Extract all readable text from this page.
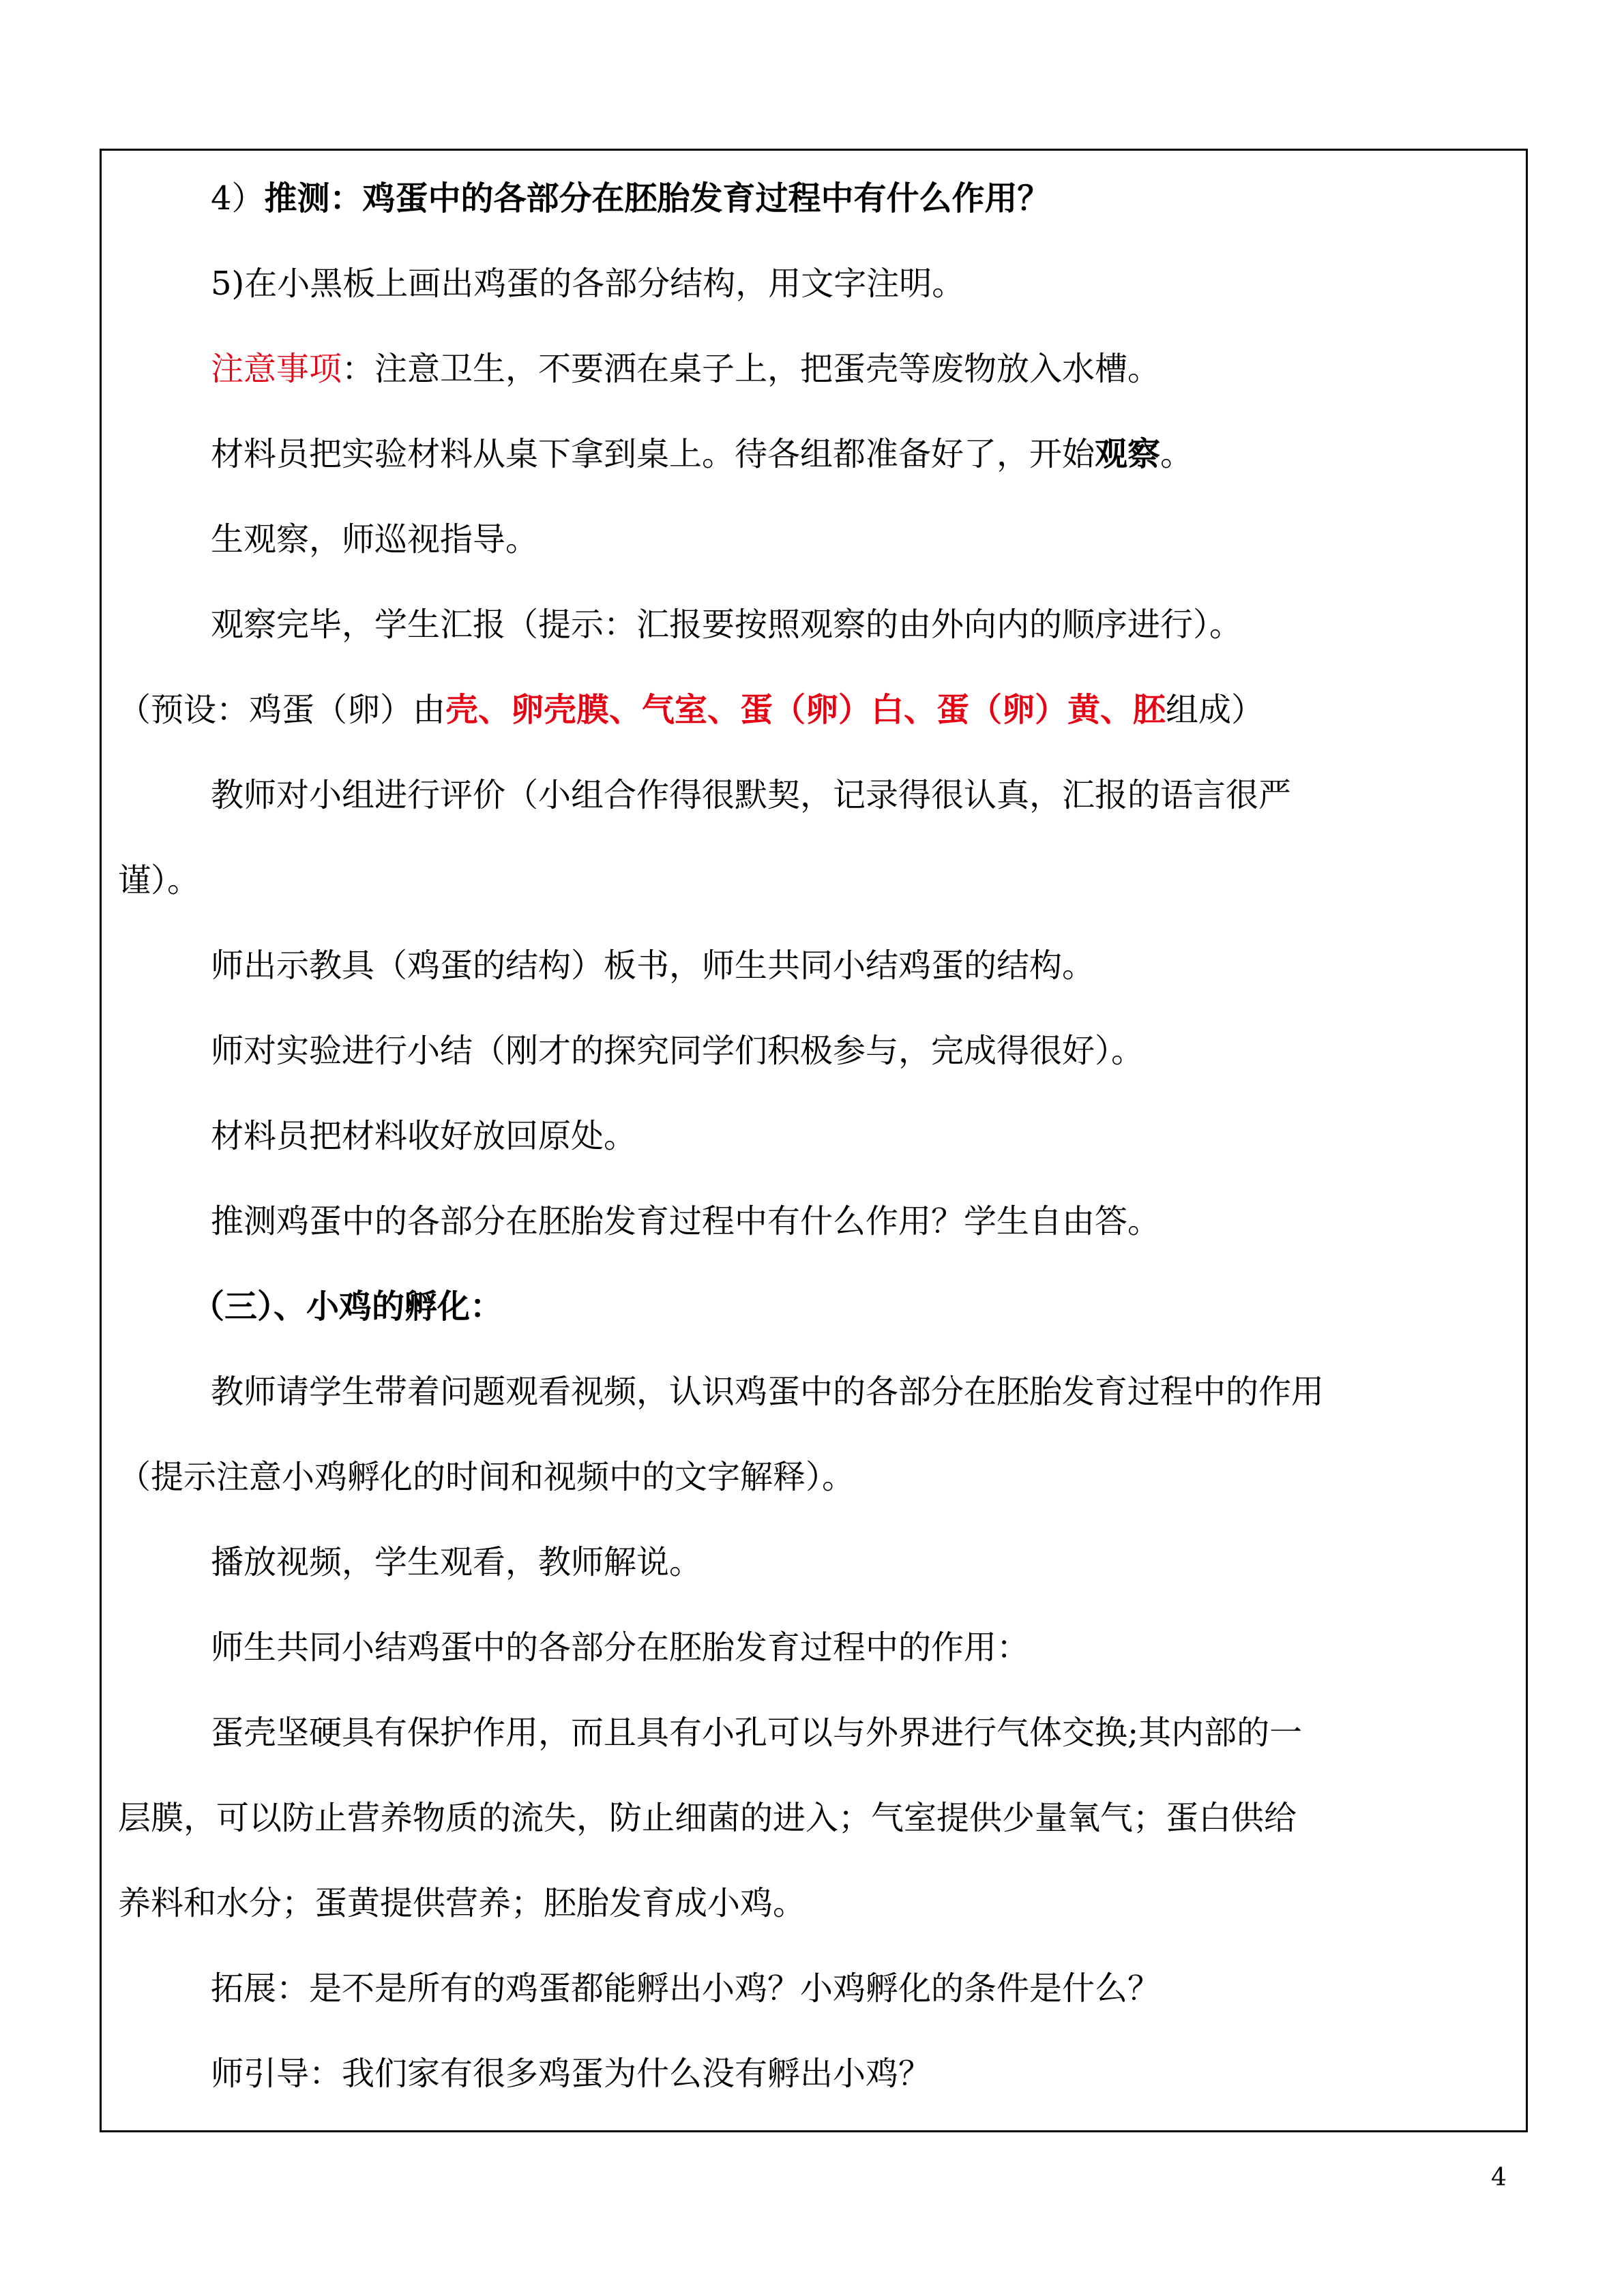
4）推测：鸡蛋中的各部分在胚胎发育过程中有什么作用？
5)在小黑板上画出鸡蛋的各部分结构，用文字注明。
注意事项：注意卫生，不要洒在桌子上，把蛋壳等废物放入水槽。
材料员把实验材料从桌下拿到桌上。待各组都准备好了，开始观察。
生观察，师巡视指导。
观察完毕，学生汇报（提示：汇报要按照观察的由外向内的顺序进行）。
（预设：鸡蛋（卵）由壳、卵壳膜、气室、蛋（卵）白、蛋（卵）黄、胚组成）
教师对小组进行评价（小组合作得很默契，记录得很认真，汇报的语言很严
谨）。
师出示教具（鸡蛋的结构）板书，师生共同小结鸡蛋的结构。
师对实验进行小结（刚才的探究同学们积极参与，完成得很好）。
材料员把材料收好放回原处。
推测鸡蛋中的各部分在胚胎发育过程中有什么作用？学生自由答。
（三）、小鸡的孵化：
教师请学生带着问题观看视频，认识鸡蛋中的各部分在胚胎发育过程中的作用
（提示注意小鸡孵化的时间和视频中的文字解释）。
播放视频，学生观看，教师解说。
师生共同小结鸡蛋中的各部分在胚胎发育过程中的作用：
蛋壳坚硬具有保护作用，而且具有小孔可以与外界进行气体交换;其内部的一
层膜，可以防止营养物质的流失，防止细菌的进入；气室提供少量氧气；蛋白供给
养料和水分；蛋黄提供营养；胚胎发育成小鸡。
拓展：是不是所有的鸡蛋都能孵出小鸡？小鸡孵化的条件是什么？
师引导：我们家有很多鸡蛋为什么没有孵出小鸡？
4
